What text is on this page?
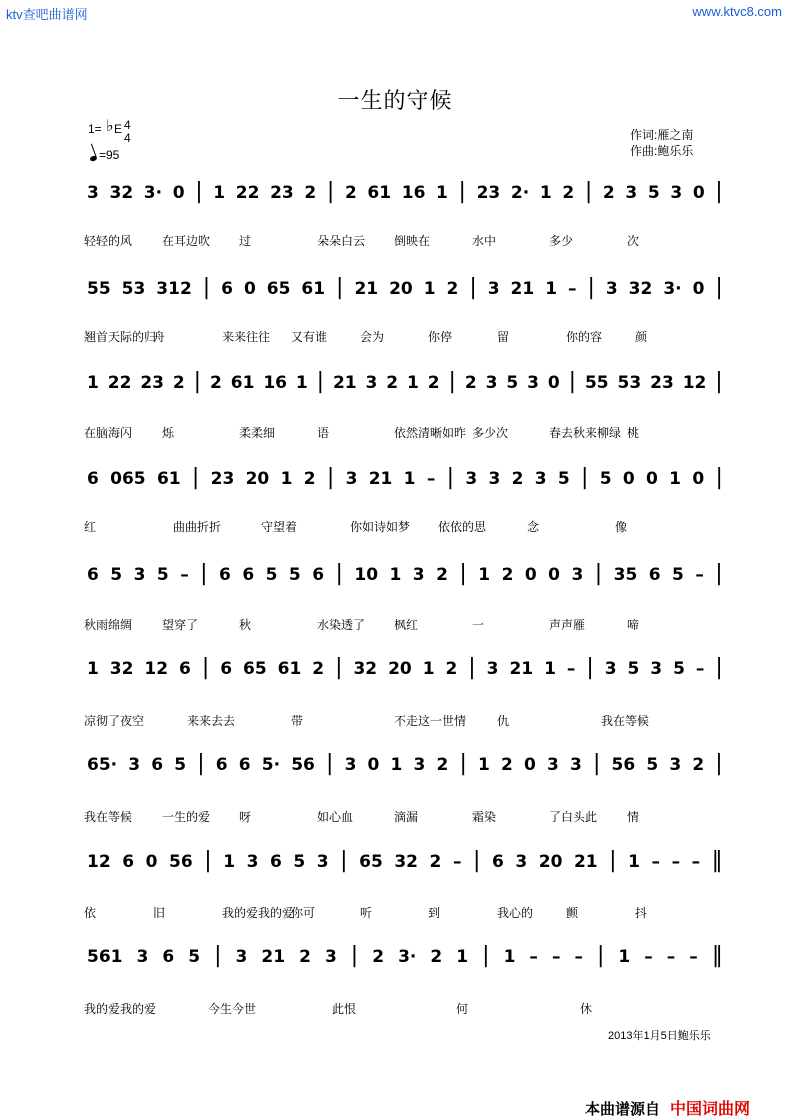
ktv查吧曲谱网	www.ktvc8.com
一生的守候
1= ♭ E 4
4
=95
作词:雁之南
作曲:鲍乐乐
3 32 3· 0 | 1 22 23 2 | 2 61 16 1 | 23 2· 1 2 | 2 3 5 3 0 |
轻轻的风 在耳边吹 过	朵朵白云 倒映在	水中	多少	次
55 53 312 | 6 0 65 61 | 21 20 1 2 | 3 21 1 – | 3 32 3· 0 |
翘首天际的归
舟	来来往往 又有谁	会为	你停	留	你的容	颜
1 22 23 2 | 2 61 16 1 | 21 3 2 1 2 | 2 3 5 3 0 | 55 53 23 12 |
在脑海闪 烁	柔柔细	语	依然清晰如昨 多少次	春去秋来柳绿 桃
6 065 61 | 23 20 1 2 | 3 21 1 – | 3 3 2 3 5 | 5 0 0 1 0 |
红	曲曲折折	守望着	你如诗如梦 依依的思	念	像
6 5 3 5 – | 6 6 5 5 6 | 10 1 3 2 | 1 2 0 0 3 | 35 6 5 – |
秋雨绵绸 望穿了	秋	水染透了 枫红	一	声声雁	啼
1 32 12 6 | 6 65 61 2 | 32 20 1 2 | 3 21 1 – | 3 5 3 5 – |
凉彻了夜空	来来去去	带	不走这一世情	仇	我在等候
65· 3 6 5 | 6 6 5· 56 | 3 0 1 3 2 | 1 2 0 3 3 | 56 5 3 2 |
我在等候 一生的爱 呀	如心血	滴漏	霜染	了白头此 情
12 6 0 56 | 1 3 6 5 3 | 65 32 2 – | 6 3 20 21 | 1 – – – ‖
依	旧	我的爱我的爱
你可	听	到	我心的	颤	抖
561 3 6 5 | 3 21 2 3 | 2 3· 2 1 | 1 – – – | 1 – – – ‖
我的爱我的爱	今生今世	此恨	何	休
2013年1月5日鲍乐乐
本曲谱源自 中国词曲网
